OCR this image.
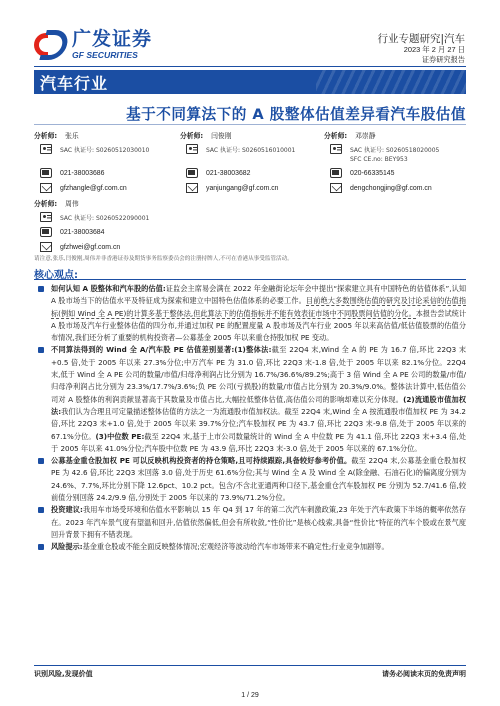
广发证券
GF SECURITIES
行业专题研究|汽车
2023 年 2 月 27 日
证券研究报告
汽车行业
基于不同算法下的 A 股整体估值差异看汽车股估值
分析师: 张乐
SAC 执证号: S0260512030010
021-38003686
gfzhangle@gf.com.cn
分析师: 闫俊刚
SAC 执证号: S0260516010001
021-38003682
yanjungang@gf.com.cn
分析师: 邓崇静
SAC 执证号: S0260518020005
SFC CE.no: BEY953
020-66335145
dengchongjing@gf.com.cn
分析师: 周伟
SAC 执证号: S0260522090001
021-38003684
gfzhwei@gf.com.cn
请注意,张乐,闫俊刚,周伟并非香港证券及期货事务监察委员会的注册持牌人,不可在香港从事受监管活动。
核心观点:
如何认知 A 股整体和汽车股的估值:证监会主席易会满在 2022 年金融街论坛年会中提出“探索建立具有中国特色的估值体系”,认知 A 股市场当下的估值水平及特征成为探索和建立中国特色估值体系的必要工作。目前绝大多数围绕估值的研究及讨论采信的估值指标(例如 Wind 全 A PE)的计算多基于整体法,但此算法下的估值指标并不能有效表征市场中不同股票间估值的分化。本报告尝试统计 A 股市场及汽车行业整体估值的四分布,并通过加权 PE 的配置度量 A 股市场及汽车行业 2005 年以来高估值/低估值股票的估值分布情况,我们还分析了重要的机构投资者—公募基金 2005 年以来重仓持股加权 PE 变动。
不同算法得到的 Wind 全 A/汽车股 PE 估值差别显著:(1)整体法:截至 22Q4 末,Wind 全 A 的 PE 为 16.7 倍,环比 22Q3 末+0.5 倍,处于 2005 年以来 27.3%分位;中万汽车 PE 为 31.0 倍,环比 22Q3 末-1.8 倍,处于 2005 年以来 82.1%分位。22Q4 末,低于 Wind 全 A PE 公司的数量/市值/归母净利润占比分别为 16.7%/36.6%/89.2%;高于 3 倍 Wind 全 A PE 公司的数量/市值/归母净利润占比分别为 23.3%/17.7%/3.6%;负 PE 公司(亏损股)的数量/市值占比分别为 20.3%/9.0%。整体法计算中,低估值公司对 A 股整体的利润贡献显著高于其数量及市值占比,大幅拉低整体估值,高估值公司的影响却难以充分体现。(2)流通股市值加权法:我们认为合理且可定量描述整体估值的方法之一为流通股市值加权法。截至 22Q4 末,Wind 全 A 按流通股市值加权 PE 为 34.2 倍,环比 22Q3 末+1.0 倍,处于 2005 年以来 39.7%分位;汽车股加权 PE 为 43.7 倍,环比 22Q3 末-9.8 倍,处于 2005 年以来的 67.1%分位。(3)中位数 PE:截至 22Q4 末,基于上市公司数量统计的 Wind 全 A 中位数 PE 为 41.1 倍,环比 22Q3 末+3.4 倍,处于 2005 年以来 41.0%分位;汽车股中位数 PE 为 43.9 倍,环比 22Q3 末-3.0 倍,处于 2005 年以来的 67.1%分位。
公募基金重仓股加权 PE 可以反映机构投资者的持仓策略,且可持续跟踪,具备较好参考价值。截至 22Q4 末,公募基金重仓股加权 PE 为 42.6 倍,环比 22Q3 末回落 3.0 倍,处于历史 61.6%分位;其与 Wind 全 A 及 Wind 全 A(除金融、石油石化)的偏离度分别为 24.6%、7.7%,环比分别下降 12.6pct、10.2 pct。包含/不含北亚通两种口径下,基金重仓汽车股加权 PE 分别为 52.7/41.6 倍,较前值分别回落 24.2/9.9 倍,分别处于 2005 年以来的 73.9%/71.2%分位。
投资建议:我用车市场受环境和估值水平影响以 15 年 Q4 到 17 年的第二次汽车刺激政策,23 年处于汽车政策下半场的概率依然存在。2023 年汽车景气度有望温和回升,估值依然偏低,但会有所收敛,“性价比”是核心线索,具备“性价比”特征的汽车个股或在景气度回升背景下拥有不错表现。
风险提示:基金重仓股或不能全面反映整体情况;宏观经济等波动给汽车市场带来不确定性;行业竞争加剧等。
识别风险,发现价值	请务必阅读末页的免责声明
1 / 29
